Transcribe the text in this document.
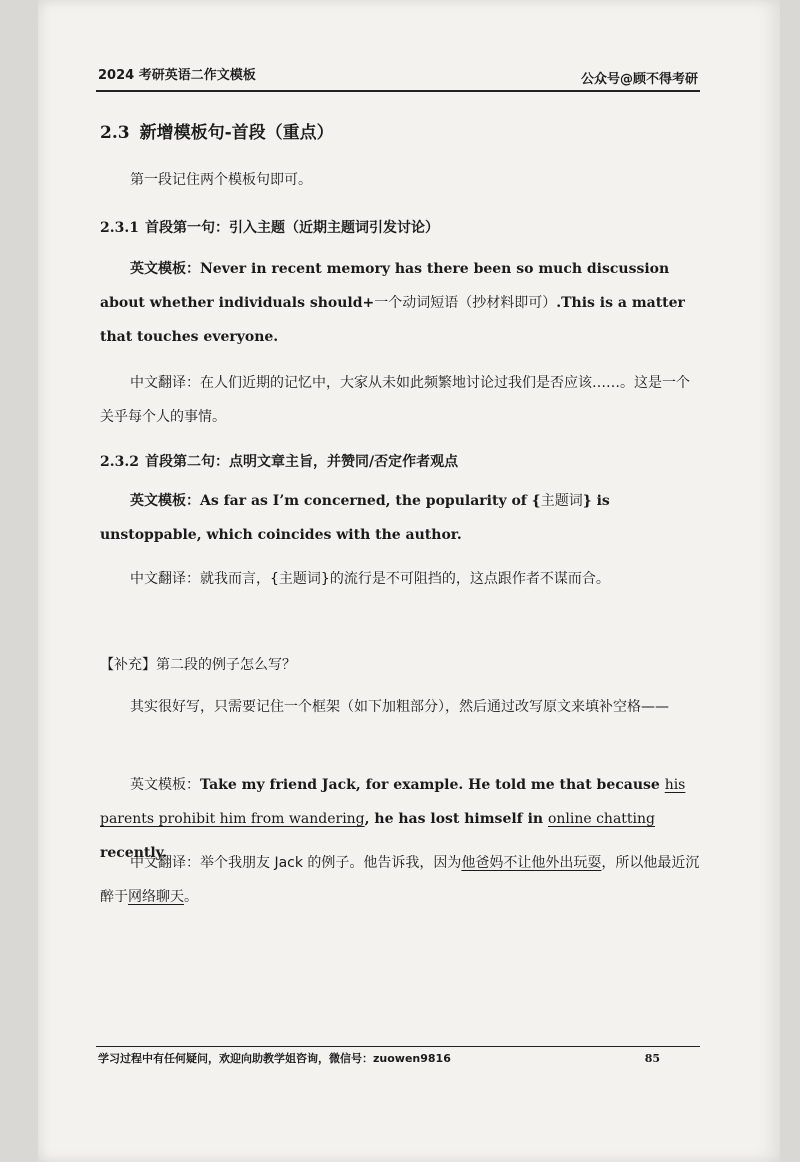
2024 考研英语二作文模板	公众号@顾不得考研
2.3 新增模板句-首段（重点）
第一段记住两个模板句即可。
2.3.1 首段第一句：引入主题（近期主题词引发讨论）
英文模板：Never in recent memory has there been so much discussion about whether individuals should+一个动词短语（抄材料即可）.This is a matter that touches everyone.
中文翻译：在人们近期的记忆中，大家从未如此频繁地讨论过我们是否应该……。这是一个关乎每个人的事情。
2.3.2 首段第二句：点明文章主旨，并赞同/否定作者观点
英文模板：As far as I’m concerned, the popularity of {主题词} is unstoppable, which coincides with the author.
中文翻译：就我而言，{主题词}的流行是不可阻挡的，这点跟作者不谋而合。
【补充】第二段的例子怎么写？
其实很好写，只需要记住一个框架（如下加粗部分），然后通过改写原文来填补空格——
英文模板：Take my friend Jack, for example. He told me that because his parents prohibit him from wandering, he has lost himself in online chatting recently.
中文翻译：举个我朋友 Jack 的例子。他告诉我，因为他爸妈不让他外出玩耍，所以他最近沉醉于网络聊天。
学习过程中有任何疑问，欢迎向助教学姐咨询，微信号：zuowen9816	85
